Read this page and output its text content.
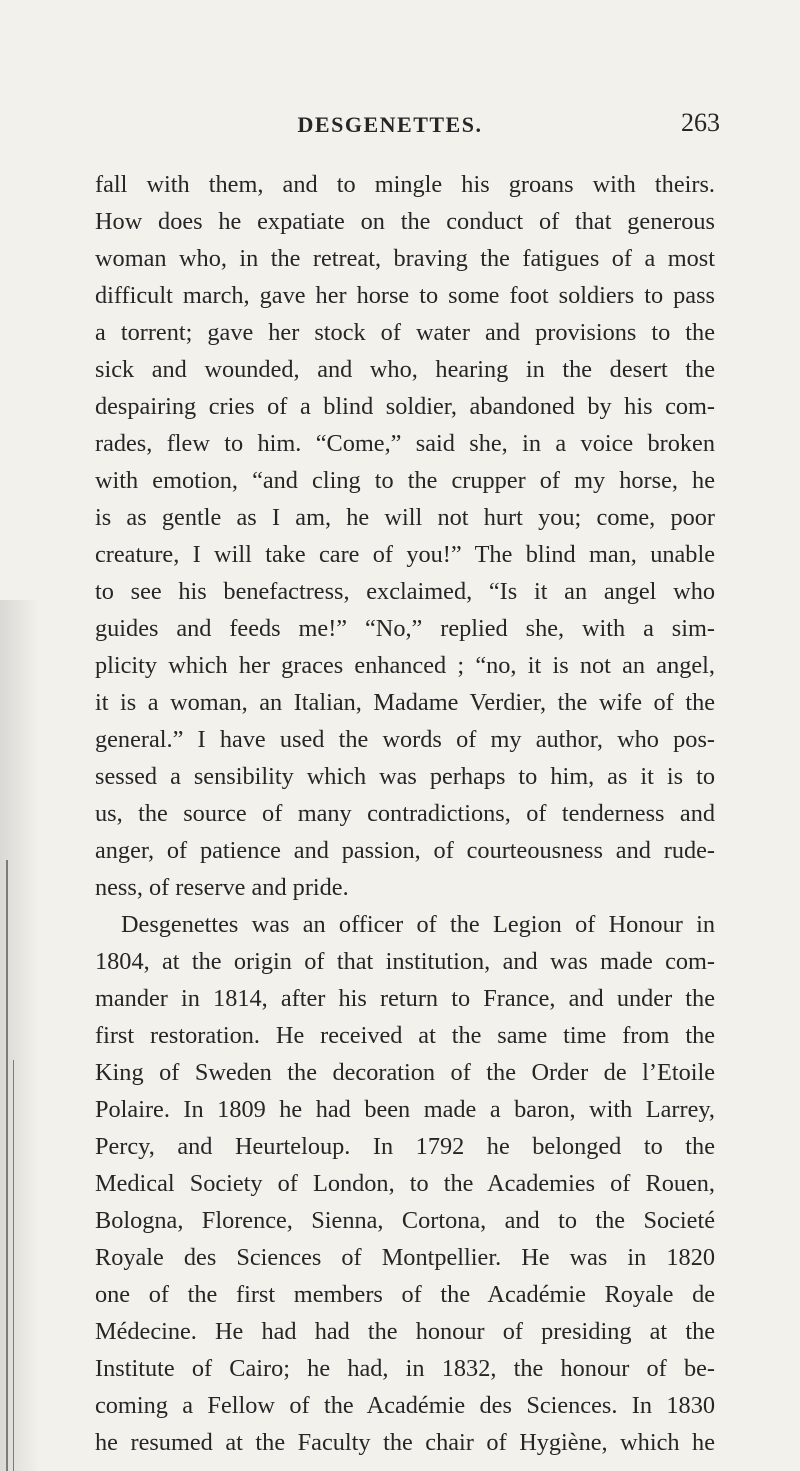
DESGENETTES.	263
fall with them, and to mingle his groans with theirs.
How does he expatiate on the conduct of that generous
woman who, in the retreat, braving the fatigues of a most
difficult march, gave her horse to some foot soldiers to pass
a torrent; gave her stock of water and provisions to the
sick and wounded, and who, hearing in the desert the
despairing cries of a blind soldier, abandoned by his com-
rades, flew to him. “Come,” said she, in a voice broken
with emotion, “and cling to the crupper of my horse, he
is as gentle as I am, he will not hurt you; come, poor
creature, I will take care of you!” The blind man, unable
to see his benefactress, exclaimed, “Is it an angel who
guides and feeds me!” “No,” replied she, with a sim-
plicity which her graces enhanced ; “no, it is not an angel,
it is a woman, an Italian, Madame Verdier, the wife of the
general.” I have used the words of my author, who pos-
sessed a sensibility which was perhaps to him, as it is to
us, the source of many contradictions, of tenderness and
anger, of patience and passion, of courteousness and rude-
ness, of reserve and pride.
Desgenettes was an officer of the Legion of Honour in
1804, at the origin of that institution, and was made com-
mander in 1814, after his return to France, and under the
first restoration. He received at the same time from the
King of Sweden the decoration of the Order de l’Etoile
Polaire. In 1809 he had been made a baron, with Larrey,
Percy, and Heurteloup. In 1792 he belonged to the
Medical Society of London, to the Academies of Rouen,
Bologna, Florence, Sienna, Cortona, and to the Societé
Royale des Sciences of Montpellier. He was in 1820
one of the first members of the Académie Royale de
Médecine. He had had the honour of presiding at the
Institute of Cairo; he had, in 1832, the honour of be-
coming a Fellow of the Académie des Sciences. In 1830
he resumed at the Faculty the chair of Hygiène, which he
